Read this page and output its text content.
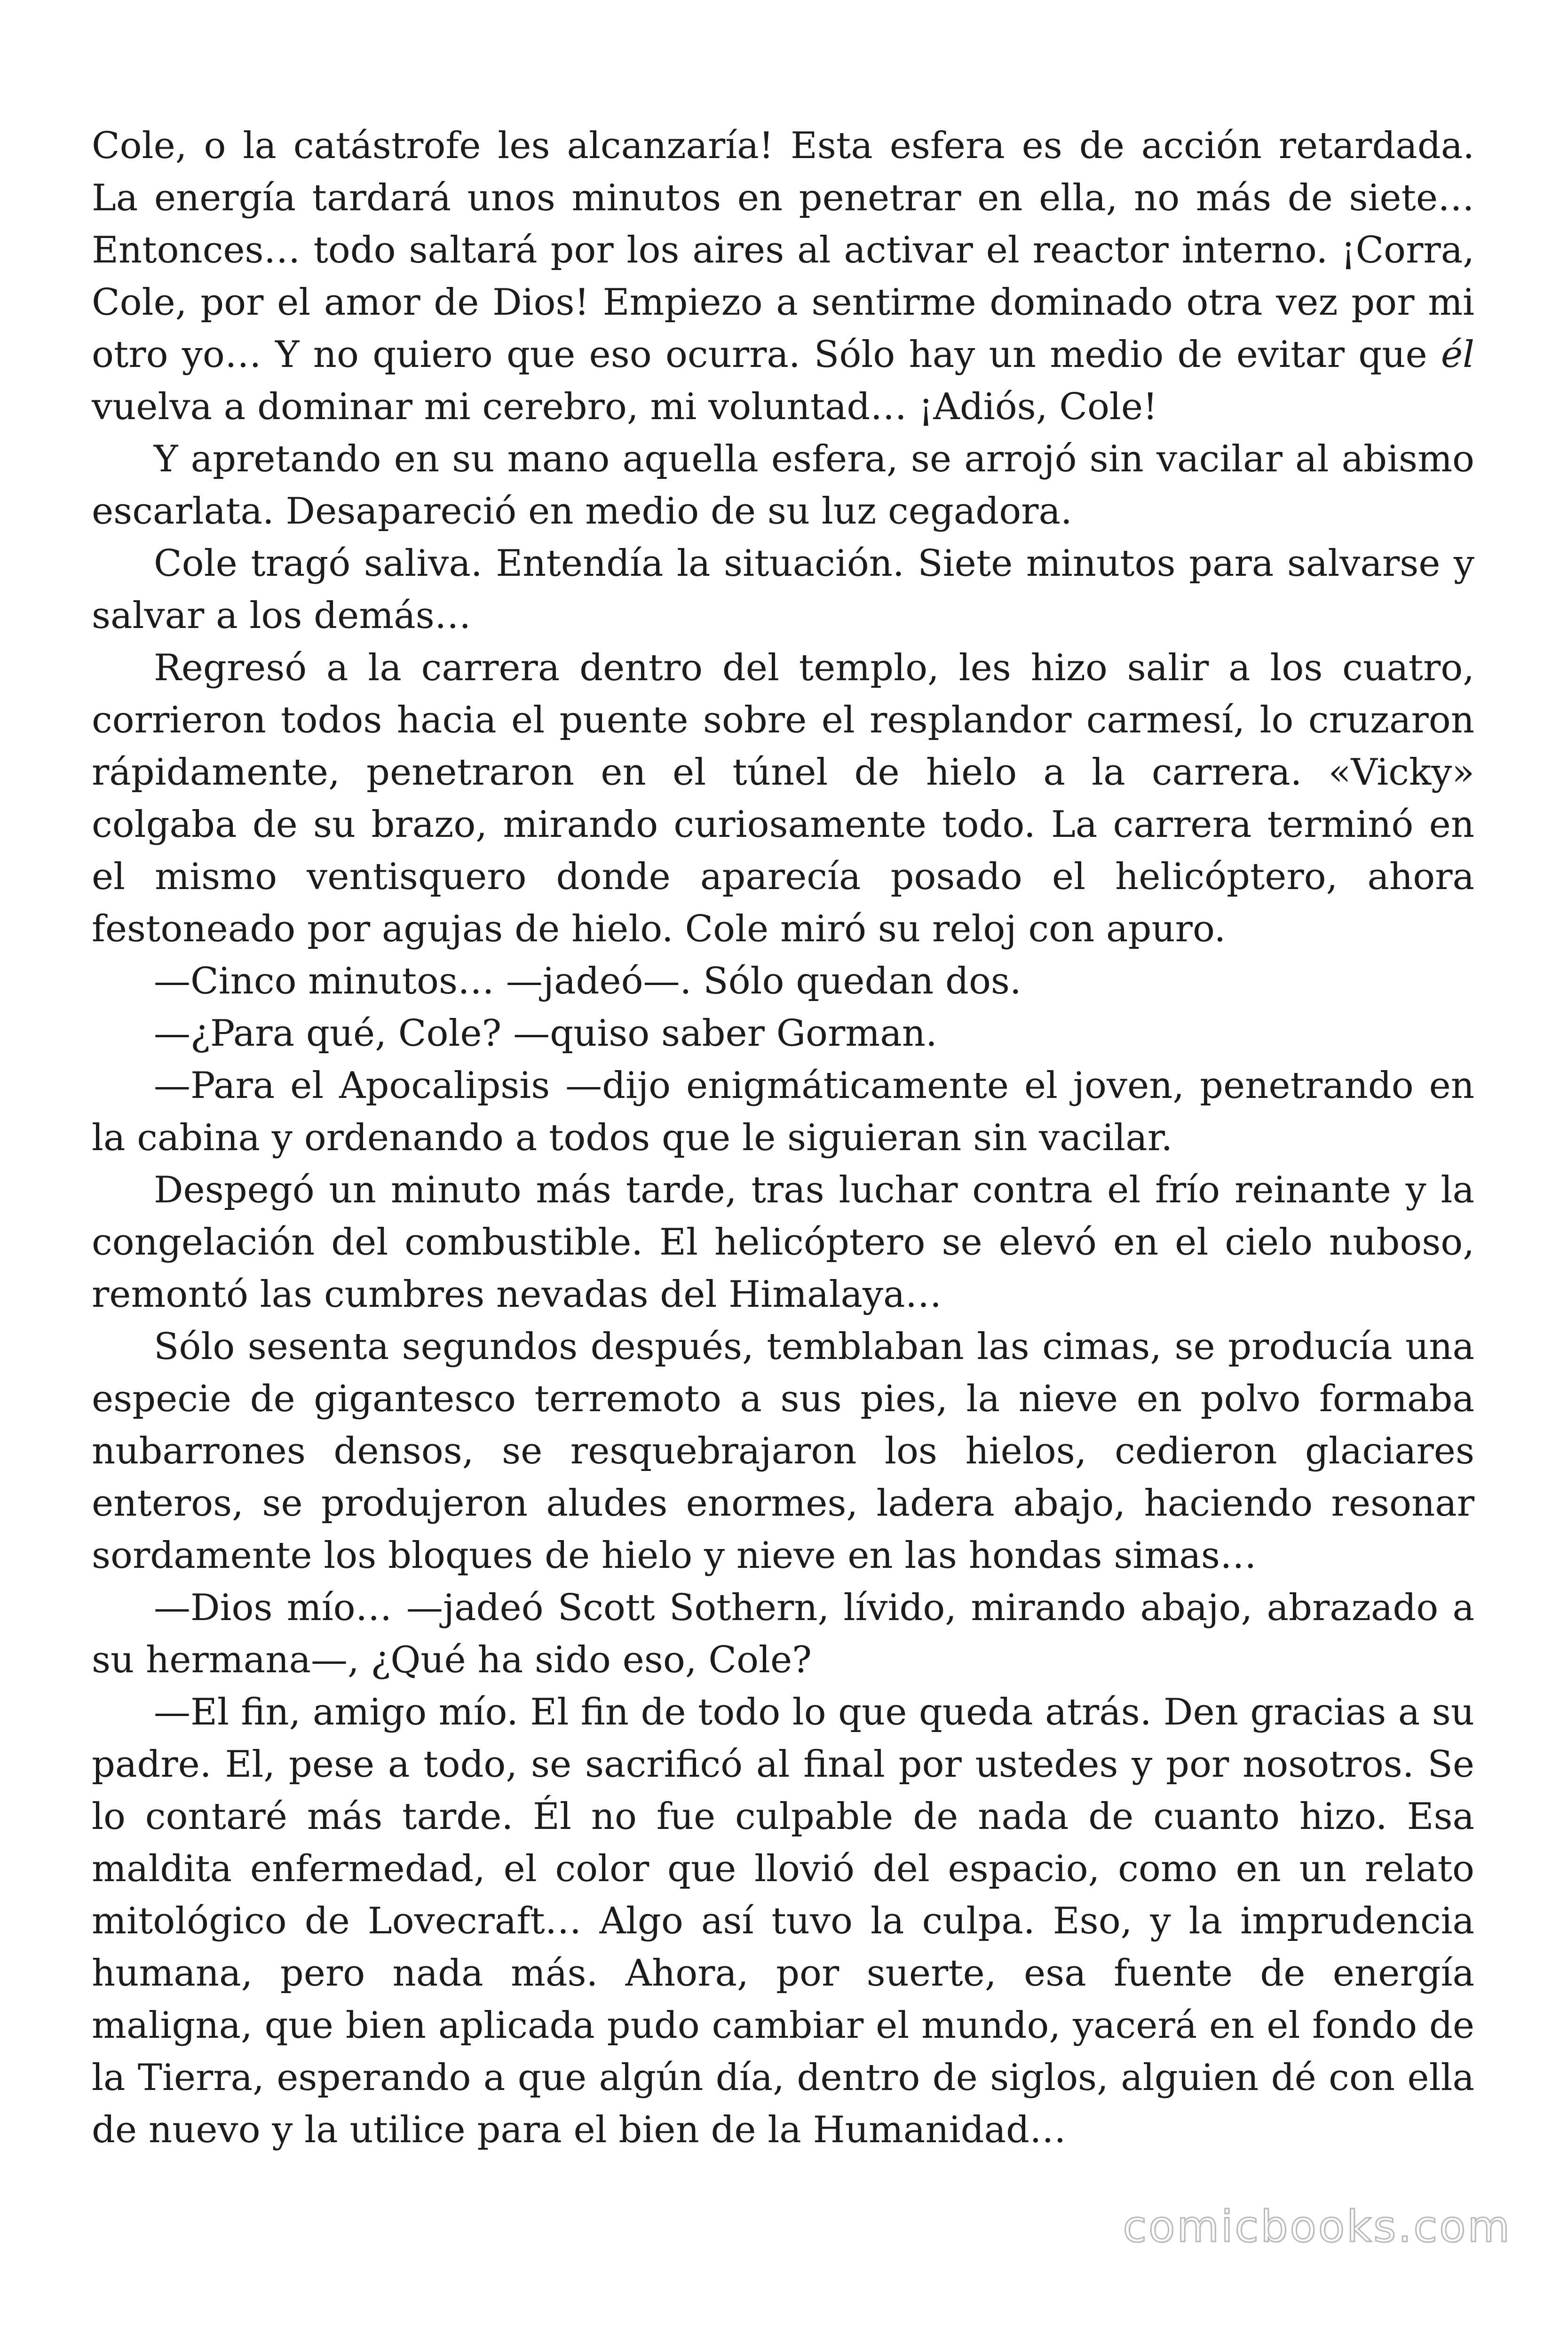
Cole, o la catástrofe les alcanzaría! Esta esfera es de acción retardada. La energía tardará unos minutos en penetrar en ella, no más de siete… Entonces… todo saltará por los aires al activar el reactor interno. ¡Corra, Cole, por el amor de Dios! Empiezo a sentirme dominado otra vez por mi otro yo… Y no quiero que eso ocurra. Sólo hay un medio de evitar que él vuelva a dominar mi cerebro, mi voluntad… ¡Adiós, Cole!

Y apretando en su mano aquella esfera, se arrojó sin vacilar al abismo escarlata. Desapareció en medio de su luz cegadora.

Cole tragó saliva. Entendía la situación. Siete minutos para salvarse y salvar a los demás…

Regresó a la carrera dentro del templo, les hizo salir a los cuatro, corrieron todos hacia el puente sobre el resplandor carmesí, lo cruzaron rápidamente, penetraron en el túnel de hielo a la carrera. «Vicky» colgaba de su brazo, mirando curiosamente todo. La carrera terminó en el mismo ventisquero donde aparecía posado el helicóptero, ahora festoneado por agujas de hielo. Cole miró su reloj con apuro.

—Cinco minutos… —jadeó—. Sólo quedan dos.

—¿Para qué, Cole? —quiso saber Gorman.

—Para el Apocalipsis —dijo enigmáticamente el joven, penetrando en la cabina y ordenando a todos que le siguieran sin vacilar.

Despegó un minuto más tarde, tras luchar contra el frío reinante y la congelación del combustible. El helicóptero se elevó en el cielo nuboso, remontó las cumbres nevadas del Himalaya…

Sólo sesenta segundos después, temblaban las cimas, se producía una especie de gigantesco terremoto a sus pies, la nieve en polvo formaba nubarrones densos, se resquebrajaron los hielos, cedieron glaciares enteros, se produjeron aludes enormes, ladera abajo, haciendo resonar sordamente los bloques de hielo y nieve en las hondas simas…

—Dios mío… —jadeó Scott Sothern, lívido, mirando abajo, abrazado a su hermana—, ¿Qué ha sido eso, Cole?

—El fin, amigo mío. El fin de todo lo que queda atrás. Den gracias a su padre. El, pese a todo, se sacrificó al final por ustedes y por nosotros. Se lo contaré más tarde. Él no fue culpable de nada de cuanto hizo. Esa maldita enfermedad, el color que llovió del espacio, como en un relato mitológico de Lovecraft… Algo así tuvo la culpa. Eso, y la imprudencia humana, pero nada más. Ahora, por suerte, esa fuente de energía maligna, que bien aplicada pudo cambiar el mundo, yacerá en el fondo de la Tierra, esperando a que algún día, dentro de siglos, alguien dé con ella de nuevo y la utilice para el bien de la Humanidad…

comicbooks.com
